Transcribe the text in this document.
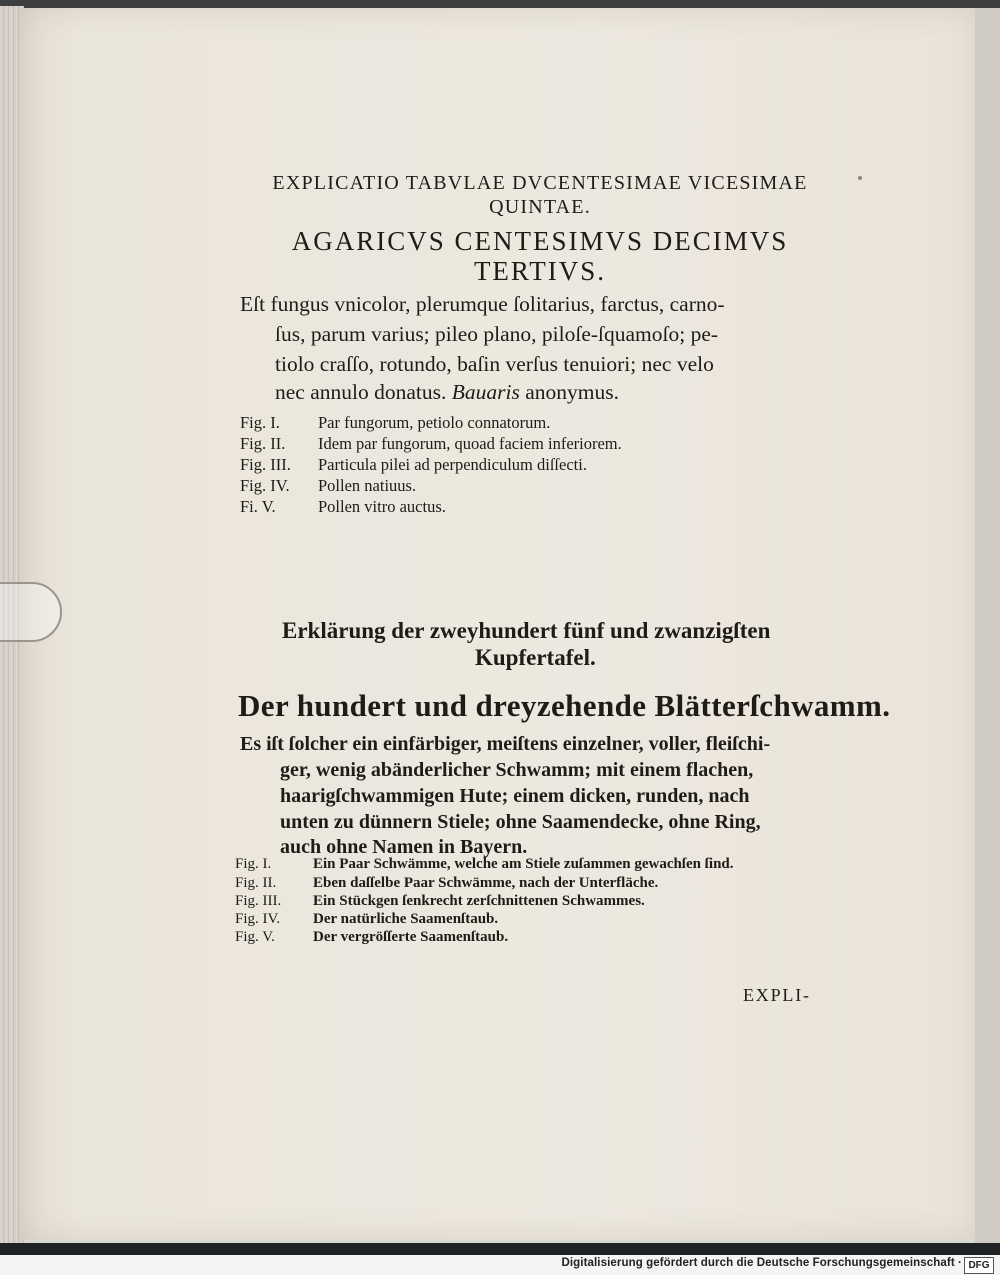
EXPLICATIO TABVLAE DVCENTESIMAE VICESIMAE
QUINTAE.
AGARICVS CENTESIMVS DECIMVS
TERTIVS.
Eſt fungus vnicolor, plerumque ſolitarius, farctus, carno-
ſus, parum varius; pileo plano, piloſe-ſquamoſo; pe-
tiolo craſſo, rotundo, baſin verſus tenuiori; nec velo
nec annulo donatus. Bauaris anonymus.
Fig. I. Par fungorum, petiolo connatorum.
Fig. II. Idem par fungorum, quoad faciem inferiorem.
Fig. III. Particula pilei ad perpendiculum diſſecti.
Fig. IV. Pollen natiuus.
Fi. V.	Pollen vitro auctus.
Erklärung der zweyhundert fünf und zwanzigſten
Kupfertafel.
Der hundert und dreyzehende Blätterſchwamm.
Es iſt ſolcher ein einfärbiger, meiſtens einzelner, voller, fleiſchi-
ger, wenig abänderlicher Schwamm; mit einem flachen,
haarigſchwammigen Hute; einem dicken, runden, nach
unten zu dünnern Stiele; ohne Saamendecke, ohne Ring,
auch ohne Namen in Bayern.
Fig. I.	Ein Paar Schwämme, welche am Stiele zuſammen gewachſen ſind.
Fig. II. Eben daſſelbe Paar Schwämme, nach der Unterfläche.
Fig. III. Ein Stückgen ſenkrecht zerſchnittenen Schwammes.
Fig. IV. Der natürliche Saamenſtaub.
Fig. V.	Der vergröſſerte Saamenſtaub.
EXPLI-
Digitalisierung gefördert durch die Deutsche Forschungsgemeinschaft · DFG
